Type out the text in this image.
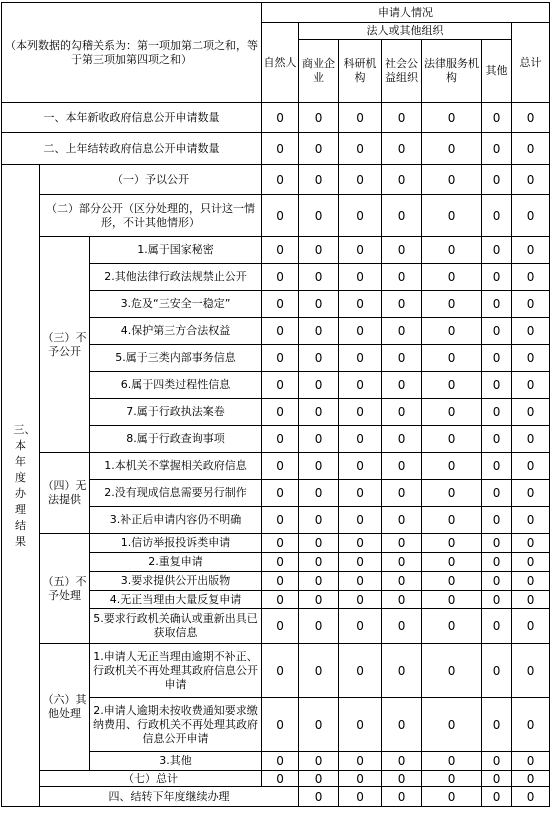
（本列数据的勾稽关系为：第一项加第二项之和，等于第三项加第四项之和）			申请人情况							
			自然人	法人或其他组织					总计	
				商业企业	科研机构	社会公益组织	法律服务机构	其他		

一、本年新收政府信息公开申请数量			0	0	0	0	0	0	0	
二、上年结转政府信息公开申请数量			0	0	0	0	0	0	0	

三、本年度办理结果	（一）予以公开		0	0	0	0	0	0	0	
	（二）部分公开（区分处理的，只计这一情形，不计其他情形）		0	0	0	0	0	0	0	
	（三）不予公开	1.属于国家秘密	0	0	0	0	0	0	0	
		2.其他法律行政法规禁止公开	0	0	0	0	0	0	0	
		3.危及“三安全一稳定”	0	0	0	0	0	0	0	
		4.保护第三方合法权益	0	0	0	0	0	0	0	
		5.属于三类内部事务信息	0	0	0	0	0	0	0	
		6.属于四类过程性信息	0	0	0	0	0	0	0	
		7.属于行政执法案卷	0	0	0	0	0	0	0	
		8.属于行政查询事项	0	0	0	0	0	0	0	
	（四）无法提供	1.本机关不掌握相关政府信息	0	0	0	0	0	0	0	
		2.没有现成信息需要另行制作	0	0	0	0	0	0	0	
		3.补正后申请内容仍不明确	0	0	0	0	0	0	0	
	（五）不予处理	1.信访举报投诉类申请	0	0	0	0	0	0	0	
		2.重复申请	0	0	0	0	0	0	0	
		3.要求提供公开出版物	0	0	0	0	0	0	0	
		4.无正当理由大量反复申请	0	0	0	0	0	0	0	
		5.要求行政机关确认或重新出具已获取信息	0	0	0	0	0	0	0	
	（六）其他处理	1.申请人无正当理由逾期不补正、行政机关不再处理其政府信息公开申请	0	0	0	0	0	0	0	
		2.申请人逾期未按收费通知要求缴纳费用、行政机关不再处理其政府信息公开申请	0	0	0	0	0	0	0	
		3.其他	0	0	0	0	0	0	0	
	（七）总计		0	0	0	0	0	0	0	
	四、结转下年度继续办理			0	0	0	0	0	0	
